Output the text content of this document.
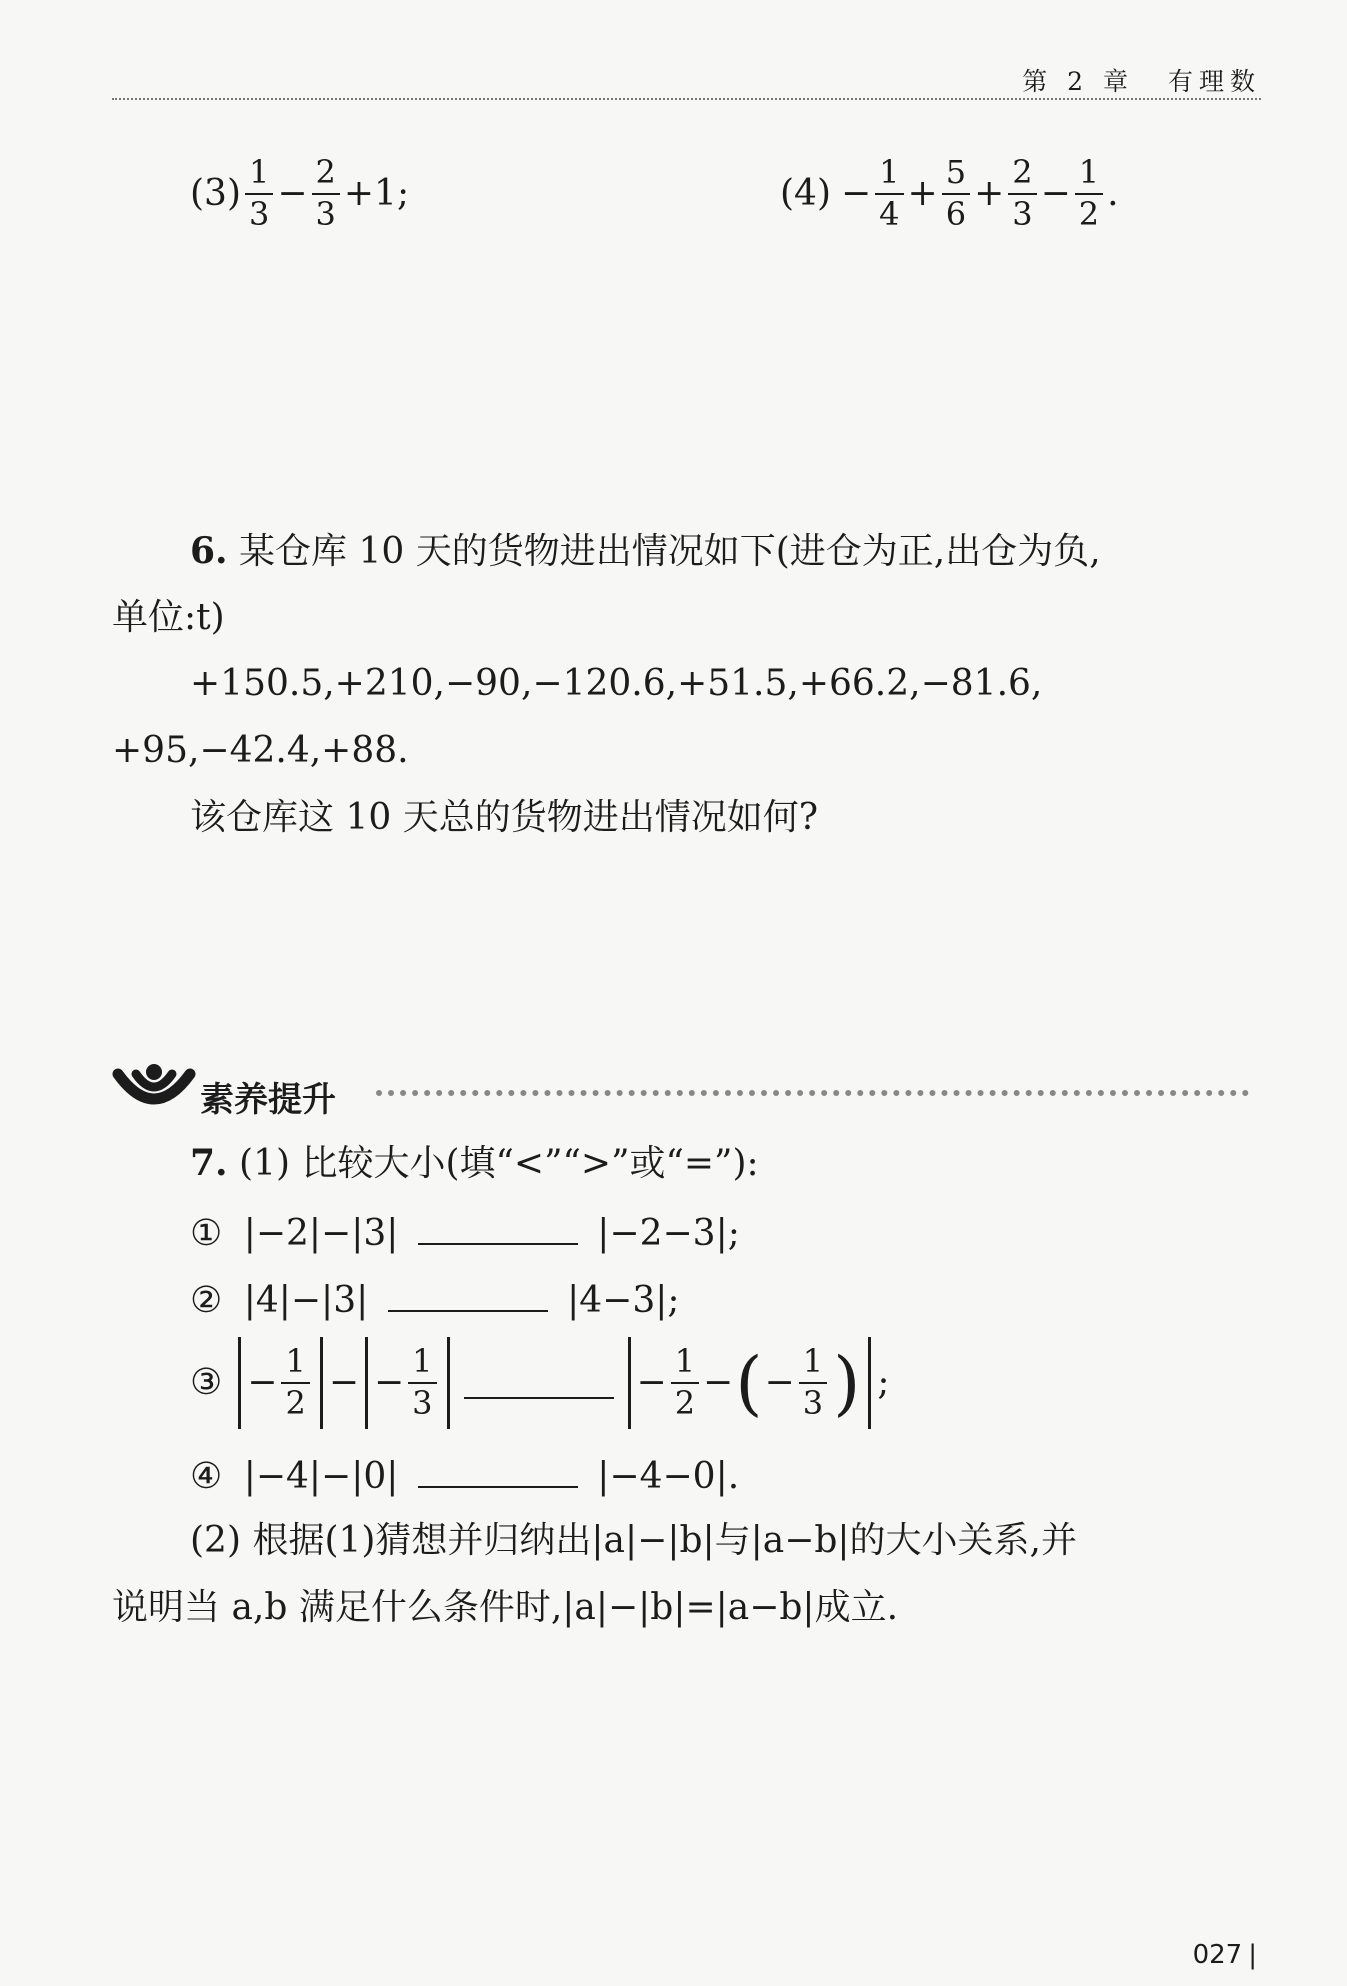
第 2 章 有理数
$(3) \frac{1}{3} - \frac{2}{3} +1$;	$(4) - \frac{1}{4} + \frac{5}{6} + \frac{2}{3} - \frac{1}{2}$ .
6. 某仓库 10 天的货物进出情况如下(进仓为正,出仓为负,
单位:t)
+150.5,+210,−90,−120.6,+51.5,+66.2,−81.6,
+95,−42.4,+88.
该仓库这 10 天总的货物进出情况如何?
素养提升
7. (1) 比较大小(填“<”“>”或“=”):
① |−2|−|3|	|−2−3|;
② |4|−|3|	|4−3|;
③ − $\frac{1}{2}$ − − $\frac{1}{3}$	− $\frac{1}{2}$ − ( − $\frac{1}{3}$ ) ;
④ |−4|−|0|	|−4−0|.
(2) 根据(1)猜想并归纳出|a|−|b|与|a−b|的大小关系,并
说明当 a,b 满足什么条件时,|a|−|b|=|a−b|成立.
027 |
